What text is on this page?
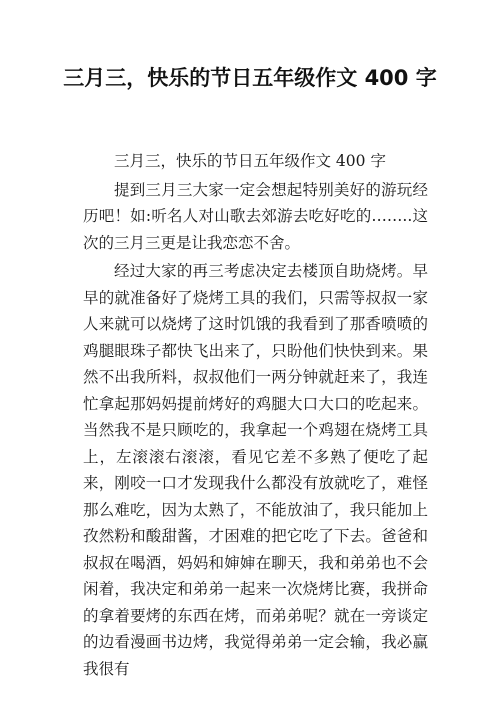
三月三，快乐的节日五年级作文 400 字

三月三，快乐的节日五年级作文 400 字

提到三月三大家一定会想起特别美好的游玩经历吧！如:听名人对山歌去郊游去吃好吃的……..这次的三月三更是让我恋恋不舍。

经过大家的再三考虑决定去楼顶自助烧烤。早早的就准备好了烧烤工具的我们，只需等叔叔一家人来就可以烧烤了这时饥饿的我看到了那香喷喷的鸡腿眼珠子都快飞出来了，只盼他们快快到来。果然不出我所料，叔叔他们一两分钟就赶来了，我连忙拿起那妈妈提前烤好的鸡腿大口大口的吃起来。当然我不是只顾吃的，我拿起一个鸡翅在烧烤工具上，左滚滚右滚滚，看见它差不多熟了便吃了起来，刚咬一口才发现我什么都没有放就吃了，难怪那么难吃，因为太熟了，不能放油了，我只能加上孜然粉和酸甜酱，才困难的把它吃了下去。爸爸和叔叔在喝酒，妈妈和婶婶在聊天，我和弟弟也不会闲着，我决定和弟弟一起来一次烧烤比赛，我拼命的拿着要烤的东西在烤，而弟弟呢？就在一旁谈定的边看漫画书边烤，我觉得弟弟一定会输，我必赢我很有
